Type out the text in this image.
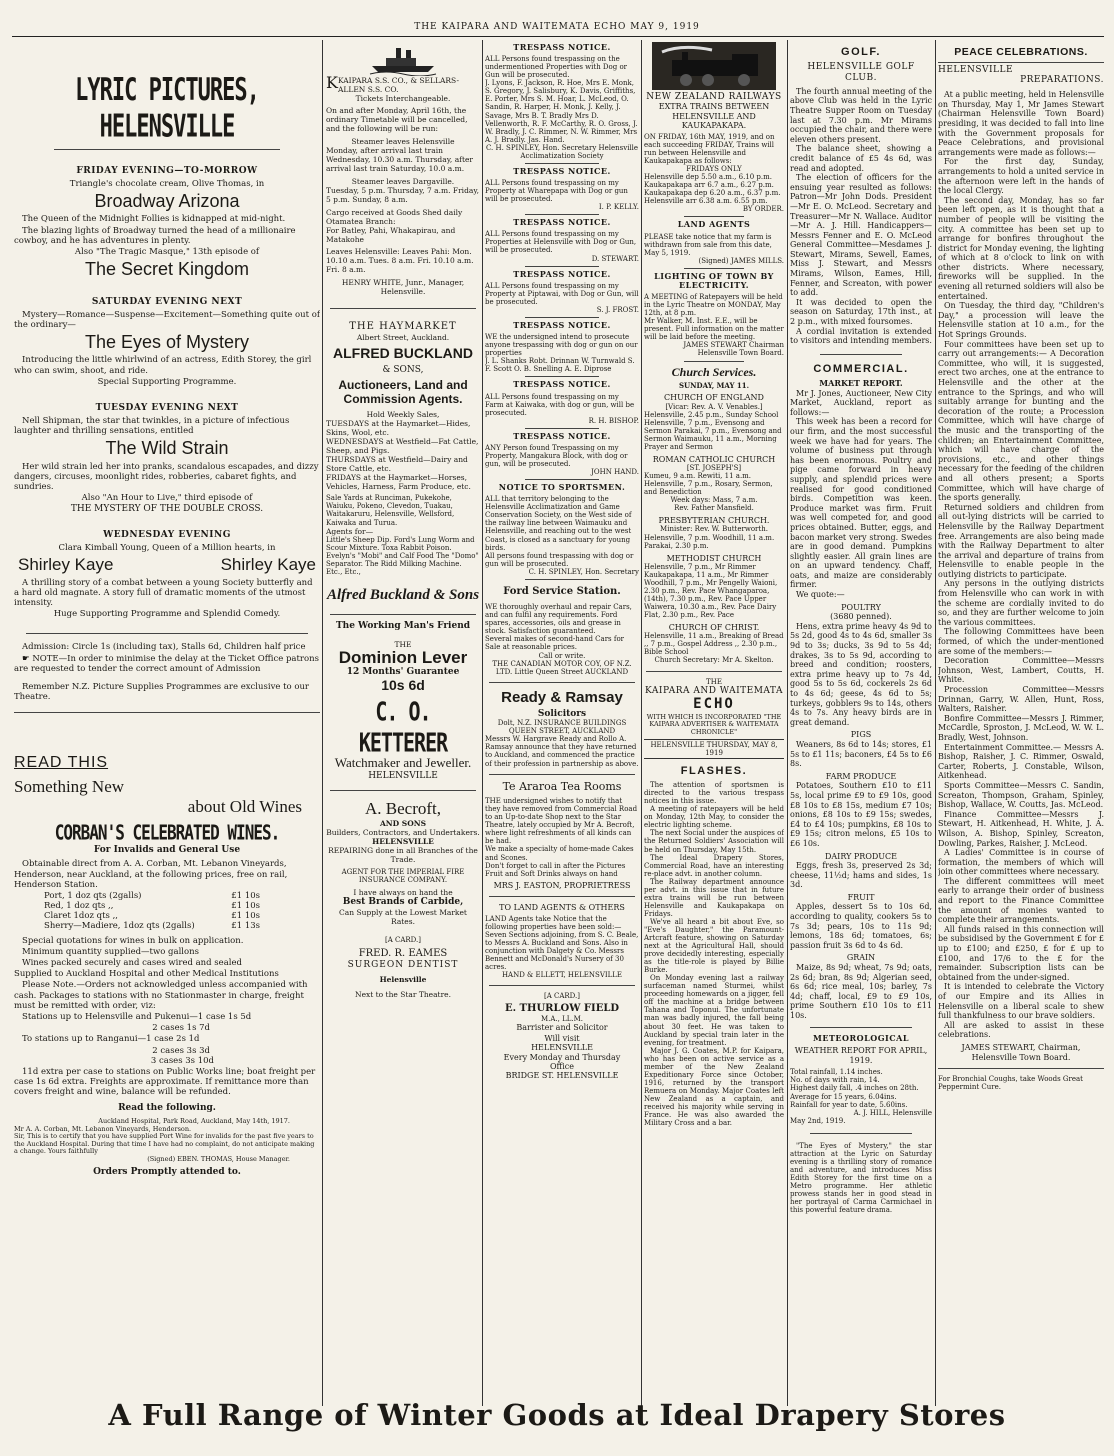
THE KAIPARA AND WAITEMATA ECHO MAY 9, 1919
LYRIC PICTURES, HELENSVILLE
FRIDAY EVENING—TO-MORROW
Triangle's chocolate cream, Olive Thomas, in
Broadway Arizona

The Queen of the Midnight Follies is kidnapped at mid-night.

The blazing lights of Broadway turned the head of a millionaire cowboy, and he has adventures in plenty.

Also "The Tragic Masque," 13th episode of
The Secret Kingdom
SATURDAY EVENING NEXT

Mystery—Romance—Suspense—Excitement—Something quite out of the ordinary—

The Eyes of Mystery

Introducing the little whirlwind of an actress, Edith Storey, the girl who can swim, shoot, and ride.

Special Supporting Programme.
TUESDAY EVENING NEXT

Nell Shipman, the star that twinkles, in a picture of infectious laughter and thrilling sensations, entitled

The Wild Strain

Her wild strain led her into pranks, scandalous escapades, and dizzy dangers, circuses, moonlight rides, robberies, cabaret fights, and sundries.

Also "An Hour to Live," third episode of
THE MYSTERY OF THE DOUBLE CROSS.
WEDNESDAY EVENING
Clara Kimball Young, Queen of a Million hearts, in
Shirley Kaye	Shirley Kaye

A thrilling story of a combat between a young Society butterfly and a hard old magnate. A story full of dramatic moments of the utmost intensity.

Huge Supporting Programme and Splendid Comedy.

Admission: Circle 1s (including tax), Stalls 6d, Children half price

☛ NOTE—In order to minimise the delay at the Ticket Office patrons are requested to tender the correct amount of Admission

Remember N.Z. Picture Supplies Programmes are exclusive to our Theatre.

READ THIS
Something New
about Old Wines
CORBAN'S CELEBRATED WINES.
For Invalids and General Use

Obtainable direct from A. A. Corban, Mt. Lebanon Vineyards, Henderson, near Auckland, at the following prices, free on rail, Henderson Station.

Port, 1 doz qts (2galls)	£1 10s
Red, 1 doz qts ,,	£1 10s
Claret 1doz qts ,,	£1 10s
Sherry—Madiere, 1doz qts (2galls)	£1 13s

Special quotations for wines in bulk on application.

Minimum quantity supplied—two gallons

Wines packed securely and cases wired and sealed

Supplied to Auckland Hospital and other Medical Institutions

Please Note.—Orders not acknowledged unless accompanied with cash. Packages to stations with no Stationmaster in charge, freight must be remitted with order, viz:

Stations up to Helensville and Pukenui—1 case 1s 5d

2 cases 1s 7d

To stations up to Ranganui—1 case 2s 1d

2 cases 3s 3d
3 cases 3s 10d

11d extra per case to stations on Public Works line; boat freight per case 1s 6d extra. Freights are approximate. If remittance more than covers freight and wine, balance will be refunded.

Read the following.
Auckland Hospital, Park Road, Auckland, May 14th, 1917.
Mr A. A. Corban, Mt. Lebanon Vineyards, Henderson.
Sir, This is to certify that you have supplied Port Wine for invalids for the past five years to the Auckland Hospital. During that time I have had no complaint, do not anticipate making a change. Yours faithfully
(Signed) EBEN. THOMAS, House Manager.
Orders Promptly attended to.

KKAIPARA S.S. CO., & SELLARS-ALLEN S.S. CO.

Tickets Interchangeable.

On and after Monday, April 16th, the ordinary Timetable will be cancelled, and the following will be run:

Steamer leaves Helensville

Monday, after arrival last train Wednesday, 10.30 a.m. Thursday, after arrival last train Saturday, 10.0 a.m.

Steamer leaves Dargaville.

Tuesday, 5 p.m. Thursday, 7 a.m. Friday, 5 p.m. Sunday, 8 a.m.

Cargo received at Goods Shed daily Otamatea Branch:

For Batley, Pahi, Whakapirau, and Matakohe

Leaves Helensville: Leaves Pahi: Mon. 10.10 a.m. Tues. 8 a.m. Fri. 10.10 a.m. Fri. 8 a.m.

HENRY WHITE, Junr., Manager, Helensville.
THE HAYMARKET
Albert Street, Auckland.
ALFRED BUCKLAND
& SONS,
Auctioneers, Land and Commission Agents.
Hold Weekly Sales,

TUESDAYS at the Haymarket—Hides, Skins, Wool, etc.

WEDNESDAYS at Westfield—Fat Cattle, Sheep, and Pigs.

THURSDAYS at Westfield—Dairy and Store Cattle, etc.

FRIDAYS at the Haymarket—Horses, Vehicles, Harness, Farm Produce, etc.

Sale Yards at Runciman, Pukekohe, Waiuku, Pokeno, Clevedon, Tuakau, Waitakaruru, Helensville, Wellsford, Kaiwaka and Turua.

Agents for—

Little's Sheep Dip. Ford's Lung Worm and Scour Mixture. Toxa Rabbit Poison. Evelyn's "Mobi" and Calf Food The "Domo" Separator. The Ridd Milking Machine. Etc., Etc.,

Alfred Buckland & Sons
The Working Man's Friend
THE
Dominion Lever
12 Months' Guarantee
10s 6d
C. O. KETTERER
Watchmaker and Jeweller.
HELENSVILLE
A. Becroft,
AND SONS
Builders, Contractors, and Undertakers.
HELENSVILLE
REPAIRING done in all Branches of the Trade.
AGENT FOR THE IMPERIAL FIRE INSURANCE COMPANY.
I have always on hand the
Best Brands of Carbide,
Can Supply at the Lowest Market Rates.
[A CARD.]
FRED. R. EAMES
SURGEON DENTIST
Helensville
Next to the Star Theatre.
TRESPASS NOTICE.

ALL Persons found trespassing on the undermentioned Properties with Dog or Gun will be prosecuted.

J. Lyons, F. Jackson, R. Hoe, Mrs E. Monk, S. Gregory, J. Salisbury, K. Davis, Griffiths, E. Porter, Mrs S. M. Hoar, L. McLeod, O. Sandin, R. Harper, H. Monk, J. Kelly, J. Savage, Mrs B. T. Bradly Mrs D. Vellenworth, R. F. McCarthy, R. O. Gross, J. W. Bradly, J. C. Rimmer, N. W. Rimmer, Mrs A. J. Bradly. Jas. Hand.

C. H. SPINLEY, Hon. Secretary Helensville Acclimatization Society
TRESPASS NOTICE.

ALL Persons found trespassing on my Property at Wharepapa with Dog or gun will be prosecuted.

I. P. KELLY.
TRESPASS NOTICE.

ALL Persons found trespassing on my Properties at Helensville with Dog or Gun, will be prosecuted.

D. STEWART.
TRESPASS NOTICE.

ALL Persons found trespassing on my Property at Piptawai, with Dog or Gun, will be prosecuted.

S. J. FROST.
TRESPASS NOTICE.

WE the undersigned intend to prosecute anyone trespassing with dog or gun on our properties

J. L. Shanks Robt. Drinnan W. Turnwald S. F. Scott O. B. Snelling A. E. Diprose

TRESPASS NOTICE.

ALL Persons found trespassing on my Farm at Kaiwaka, with dog or gun, will be prosecuted.

R. H. BISHOP.
TRESPASS NOTICE.

ANY Person found Trespassing on my Property, Mangakura Block, with dog or gun, will be prosecuted.

JOHN HAND.
NOTICE TO SPORTSMEN.

ALL that territory belonging to the Helensville Acclimatization and Game Conservation Society, on the West side of the railway line between Waimauku and Helensville, and reaching out to the west Coast, is closed as a sanctuary for young birds.

All persons found trespassing with dog or gun will be prosecuted.

C. H. SPINLEY, Hon. Secretary
Ford Service Station.

WE thoroughly overhaul and repair Cars, and can fulfil any requirements. Ford spares, accessories, oils and grease in stock. Satisfaction guaranteed.

Several makes of second-hand Cars for Sale at reasonable prices.

Call or write.
THE CANADIAN MOTOR COY, OF N.Z. LTD. Little Queen Street AUCKLAND
Ready & Ramsay
Solicitors
Dolt, N.Z. INSURANCE BUILDINGS QUEEN STREET, AUCKLAND

Messrs W. Hargrave Ready and Rollo A. Ramsay announce that they have returned to Auckland, and commenced the practice of their profession in partnership as above.

Te Araroa Tea Rooms

THE undersigned wishes to notify that they have removed from Commercial Road to an Up-to-date Shop next to the Star Theatre, lately occupied by Mr A. Becroft, where light refreshments of all kinds can be had.

We make a specialty of home-made Cakes and Scones.

Don't forget to call in after the Pictures Fruit and Soft Drinks always on hand

MRS J. EASTON, PROPRIETRESS
TO LAND AGENTS & OTHERS

LAND Agents take Notice that the following properties have been sold:— Seven Sections adjoining, from S. C. Beale, to Messrs A. Buckland and Sons. Also in conjunction with Dalgety & Co. Messrs Bennett and McDonald's Nursery of 30 acres.

HAND & ELLETT, HELENSVILLE
[A CARD.]
E. THURLOW FIELD
M.A., LL.M.
Barrister and Solicitor
Will visit
HELENSVILLE
Every Monday and Thursday
Office
BRIDGE ST. HELENSVILLE
NEW ZEALAND RAILWAYS
EXTRA TRAINS BETWEEN HELENSVILLE AND KAUKAPAKAPA.

ON FRIDAY, 16th MAY, 1919, and on each succeeding FRIDAY, Trains will run between Helensville and Kaukapakapa as follows:

FRIDAYS ONLY

Helensville dep 5.50 a.m., 6.10 p.m. Kaukapakapa arr 6.7 a.m., 6.27 p.m. Kaukapakapa dep 6.20 a.m., 6.37 p.m. Helensville arr 6.38 a.m. 6.55 p.m.

BY ORDER.
LAND AGENTS

PLEASE take notice that my farm is withdrawn from sale from this date, May 5, 1919.

(Signed) JAMES MILLS.
LIGHTING OF TOWN BY ELECTRICITY.

A MEETING of Ratepayers will be held in the Lyric Theatre on MONDAY, May 12th, at 8 p.m.

Mr Walker, M. Inst. E.E., will be present. Full information on the matter will be laid before the meeting.

JAMES STEWART Chairman Helensville Town Board.
Church Services.
SUNDAY, MAY 11.
CHURCH OF ENGLAND
[Vicar: Rev. A. V. Venables.]

Helensville, 2.45 p.m., Sunday School Helensville, 7 p.m., Evensong and Sermon Parakai, 7 p.m., Evensong and Sermon Waimauku, 11 a.m., Morning Prayer and Sermon

ROMAN CATHOLIC CHURCH
[ST. JOSEPH'S]

Kumeu, 9 a.m. Rewiti, 11 a.m. Helensville, 7 p.m., Rosary, Sermon, and Benediction

Week days: Mass, 7 a.m.
Rev. Father Mansfield.
PRESBYTERIAN CHURCH.
Minister: Rev. W. Butterworth.

Helensville, 7 p.m. Woodhill, 11 a.m. Parakai, 2.30 p.m.

METHODIST CHURCH

Helensville, 7 p.m., Mr Rimmer Kaukapakapa, 11 a.m., Mr Rimmer Woodhill, 7 p.m., Mr Pengelly Waioni, 2.30 p.m., Rev. Pace Whangaparoa, (14th), 7.30 p.m., Rev. Pace Upper Waiwera, 10.30 a.m., Rev. Pace Dairy Flat, 2.30 p.m., Rev. Pace

CHURCH OF CHRIST.

Helensville, 11 a.m., Breaking of Bread ,, 7 p.m., Gospel Address ,, 2.30 p.m., Bible School

Church Secretary: Mr A. Skelton.
THE
KAIPARA AND WAITEMATA
ECHO

WITH WHICH IS INCORPORATED "THE KAIPARA ADVERTISER & WAITEMATA CHRONICLE"

HELENSVILLE THURSDAY, MAY 8, 1919
FLASHES.

The attention of sportsmen is directed to the various trespass notices in this issue.

A meeting of ratepayers will be held on Monday, 12th May, to consider the electric lighting scheme.

The next Social under the auspices of the Returned Soldiers' Association will be held on Thursday, May 15th.

The Ideal Drapery Stores, Commercial Road, have an interesting re-place advt. in another column.

The Railway department announce per advt. in this issue that in future extra trains will be run between Helensville and Kaukapakapa on Fridays.

We've all heard a bit about Eve, so "Eve's Daughter," the Paramount-Artcraft feature, showing on Saturday next at the Agricultural Hall, should prove decidedly interesting, especially as the title-role is played by Billie Burke.

On Monday evening last a railway surfaceman named Sturmei, whilst proceeding homewards on a jigger, fell off the machine at a bridge between Tahana and Toponui. The unfortunate man was badly injured, the fall being about 30 feet. He was taken to Auckland by special train later in the evening, for treatment.

Major J. G. Coates, M.P. for Kaipara, who has been on active service as a member of the New Zealand Expeditionary Force since October, 1916, returned by the transport Remuera on Monday. Major Coates left New Zealand as a captain, and received his majority while serving in France. He was also awarded the Military Cross and a bar.

GOLF.
HELENSVILLE GOLF CLUB.

The fourth annual meeting of the above Club was held in the Lyric Theatre Supper Room on Tuesday last at 7.30 p.m. Mr Mirams occupied the chair, and there were eleven others present.

The balance sheet, showing a credit balance of £5 4s 6d, was read and adopted.

The election of officers for the ensuing year resulted as follows: Patron—Mr John Dods. President—Mr E. O. McLeod. Secretary and Treasurer—Mr N. Wallace. Auditor—Mr A. J. Hill. Handicappers—Messrs Fenner and E. O. McLeod General Committee—Mesdames J. Stewart, Mirams, Sewell, Eames, Miss J. Stewart, and Messrs Mirams, Wilson, Eames, Hill, Fenner, and Screaton, with power to add.

It was decided to open the season on Saturday, 17th inst., at 2 p.m., with mixed foursomes.

A cordial invitation is extended to visitors and intending members.

COMMERCIAL.
MARKET REPORT.

Mr J. Jones, Auctioneer, New City Market, Auckland, report as follows:—

This week has been a record for our firm, and the most successful week we have had for years. The volume of business put through has been enormous. Poultry and pige came forward in heavy supply, and splendid prices were realised for good conditioned birds. Competition was keen. Produce market was firm. Fruit was well competed for, and good prices obtained. Butter, eggs, and bacon market very strong. Swedes are in good demand. Pumpkins slightly easier. All grain lines are on an upward tendency. Chaff, oats, and maize are considerably firmer.

We quote:—

POULTRY
(3680 penned).

Hens, extra prime heavy 4s 9d to 5s 2d, good 4s to 4s 6d, smaller 3s 9d to 3s; ducks, 3s 9d to 5s 4d; drakes, 3s to 5s 9d, according to breed and condition; roosters, extra prime heavy up to 7s 4d, good 5s to 5s 6d, cockerels 2s 6d to 4s 6d; geese, 4s 6d to 5s; turkeys, gobblers 9s to 14s, others 4s to 7s. Any heavy birds are in great demand.

PIGS

Weaners, 8s 6d to 14s; stores, £1 5s to £1 11s; baconers, £4 5s to £6 8s.

FARM PRODUCE

Potatoes, Southern £10 to £11 5s, local prime £9 to £9 10s, good £8 10s to £8 15s, medium £7 10s; onions, £8 10s to £9 15s; swedes, £4 to £4 10s; pumpkins, £8 10s to £9 15s; citron melons, £5 10s to £6 10s.

DAIRY PRODUCE

Eggs, fresh 3s, preserved 2s 3d; cheese, 11½d; hams and sides, 1s 3d.

FRUIT

Apples, dessert 5s to 10s 6d, according to quality, cookers 5s to 7s 3d; pears, 10s to 11s 9d; lemons, 18s 6d; tomatoes, 6s; passion fruit 3s 6d to 4s 6d.

GRAIN

Maize, 8s 9d; wheat, 7s 9d; oats, 2s 6d; bran, 8s 9d; Algerian seed, 6s 6d; rice meal, 10s; barley, 7s 4d; chaff, local, £9 to £9 10s, prime Southern £10 10s to £11 10s.

METEOROLOGICAL
WEATHER REPORT FOR APRIL, 1919.
Total rainfall, 1.14 inches.
No. of days with rain, 14.
Highest daily fall, .4 inches on 28th.
Average for 15 years, 6.04ins.
Rainfall for year to date, 5.60ins.
A. J. HILL, Helensville
May 2nd, 1919.

"The Eyes of Mystery," the star attraction at the Lyric on Saturday evening is a thrilling story of romance and adventure, and introduces Miss Edith Storey for the first time on a Metro programme. Her athletic prowess stands her in good stead in her portrayal of Carma Carmichael in this powerful feature drama.

PEACE CELEBRATIONS.
HELENSVILLE
PREPARATIONS.

At a public meeting, held in Helensville on Thursday, May 1, Mr James Stewart (Chairman Helensville Town Board) presiding, it was decided to fall into line with the Government proposals for Peace Celebrations, and provisional arrangements were made as follows:—

For the first day, Sunday, arrangements to hold a united service in the afternoon were left in the hands of the local Clergy.

The second day, Monday, has so far been left open, as it is thought that a number of people will be visiting the city. A committee has been set up to arrange for bonfires throughout the district for Monday evening, the lighting of which at 8 o'clock to link on with other districts. Where necessary, fireworks will be supplied. In the evening all returned soldiers will also be entertained.

On Tuesday, the third day, "Children's Day," a procession will leave the Helensville station at 10 a.m., for the Hot Springs Grounds.

Four committees have been set up to carry out arrangements:— A Decoration Committee, who will, it is suggested, erect two arches, one at the entrance to Helensville and the other at the entrance to the Springs, and who will suitably arrange for bunting and the decoration of the route; a Procession Committee, which will have charge of the music and the transporting of the children; an Entertainment Committee, which will have charge of the provisions, etc., and other things necessary for the feeding of the children and all others present; a Sports Committee, which will have charge of the sports generally.

Returned soldiers and children from all out-lying districts will be carried to Helensville by the Railway Department free. Arrangements are also being made with the Railway Department to alter the arrival and departure of trains from Helensville to enable people in the outlying districts to participate.

Any persons in the outlying districts from Helensville who can work in with the scheme are cordially invited to do so, and they are further welcome to join the various committees.

The following Committees have been formed, of which the under-mentioned are some of the members:—

Decoration Committee—Messrs Johnson, West, Lambert, Coutts, H. White.

Procession Committee—Messrs Drinnan, Garry, W. Allen, Hunt, Ross, Walters, Raisher.

Bonfire Committee—Messrs J. Rimmer, McCardle, Sproston, J. McLeod, W. W. L. Bradly, West, Johnson.

Entertainment Committee.— Messrs A. Bishop, Raisher, J. C. Rimmer, Oswald, Carter, Roberts, J. Constable, Wilson, Aitkenhead.

Sports Committee—Messrs C. Sandin, Screaton, Thompson, Graham, Spinley, Bishop, Wallace, W. Coutts, Jas. McLeod.

Finance Committee—Messrs J. Stewart, H. Aitkenhead, H. White, J. A. Wilson, A. Bishop, Spinley, Screaton, Dowling, Parkes, Raisher, J. McLeod.

A Ladies' Committee is in course of formation, the members of which will join other committees where necessary.

The different committees will meet early to arrange their order of business and report to the Finance Committee the amount of monies wanted to complete their arrangements.

All funds raised in this connection will be subsidised by the Government £ for £ up to £100; and £250, £ for £ up to £100, and 17/6 to the £ for the remainder. Subscription lists can be obtained from the under-signed.

It is intended to celebrate the Victory of our Empire and its Allies in Helensville on a liberal scale to shew full thankfulness to our brave soldiers.

All are asked to assist in these celebrations.

JAMES STEWART, Chairman, Helensville Town Board.
For Bronchial Coughs, take Woods Great Peppermint Cure.
A Full Range of Winter Goods at Ideal Drapery Stores
